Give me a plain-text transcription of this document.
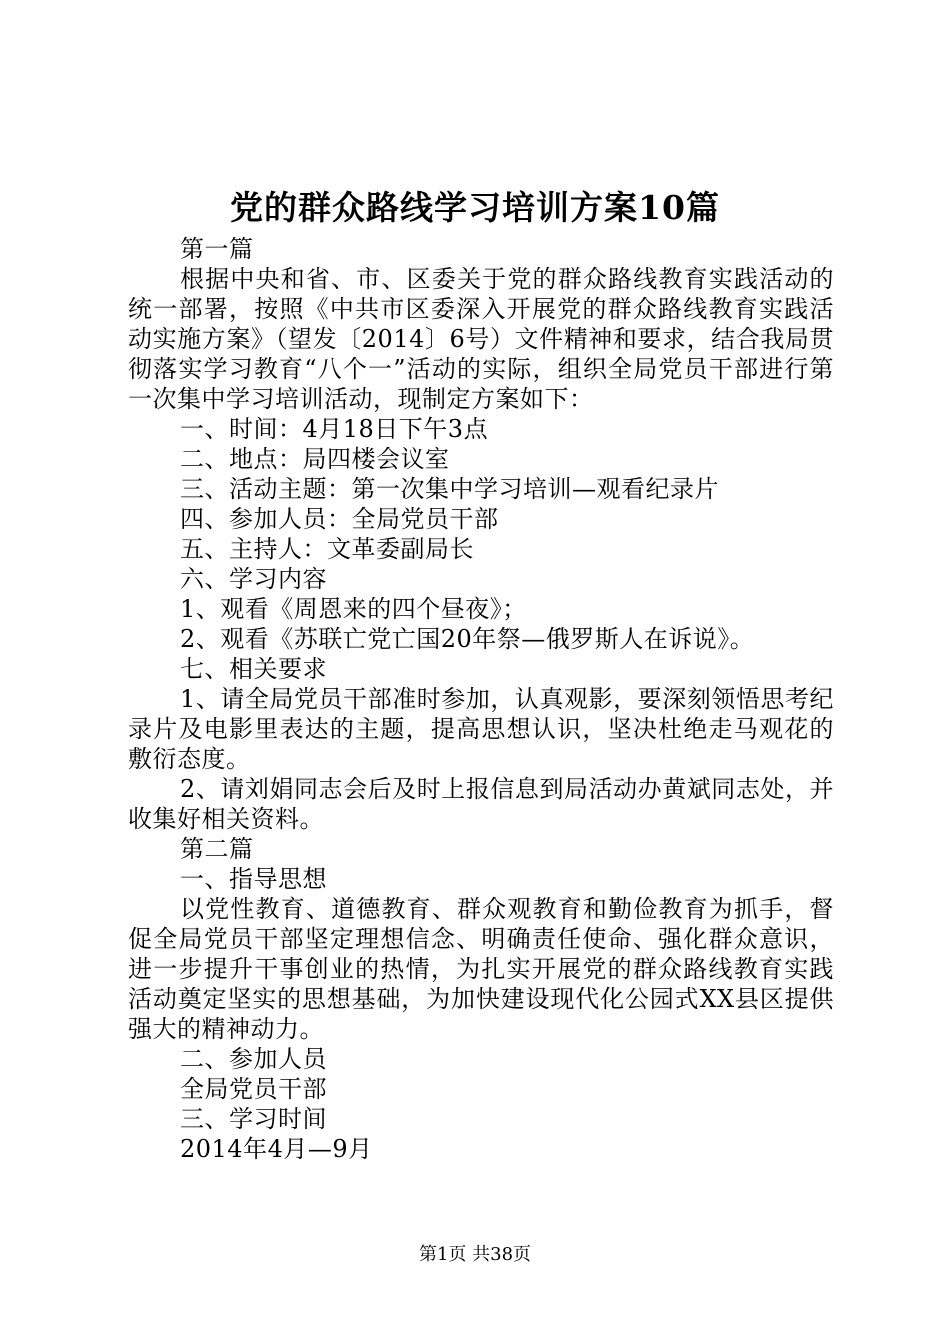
党的群众路线学习培训方案10篇

第一篇

根据中央和省、市、区委关于党的群众路线教育实践活动的统一部署，按照《中共市区委深入开展党的群众路线教育实践活动实施方案》（望发〔2014〕6号）文件精神和要求，结合我局贯彻落实学习教育“八个一”活动的实际，组织全局党员干部进行第一次集中学习培训活动，现制定方案如下：

一、时间：4月18日下午3点

二、地点：局四楼会议室

三、活动主题：第一次集中学习培训—观看纪录片

四、参加人员：全局党员干部

五、主持人：文革委副局长

六、学习内容

1、观看《周恩来的四个昼夜》；

2、观看《苏联亡党亡国20年祭—俄罗斯人在诉说》。

七、相关要求

1、请全局党员干部准时参加，认真观影，要深刻领悟思考纪录片及电影里表达的主题，提高思想认识，坚决杜绝走马观花的敷衍态度。

2、请刘娟同志会后及时上报信息到局活动办黄斌同志处，并收集好相关资料。

第二篇

一、指导思想

以党性教育、道德教育、群众观教育和勤俭教育为抓手，督促全局党员干部坚定理想信念、明确责任使命、强化群众意识，进一步提升干事创业的热情，为扎实开展党的群众路线教育实践活动奠定坚实的思想基础，为加快建设现代化公园式XX县区提供强大的精神动力。

二、参加人员

全局党员干部

三、学习时间

2014年4月—9月

第1页 共38页
